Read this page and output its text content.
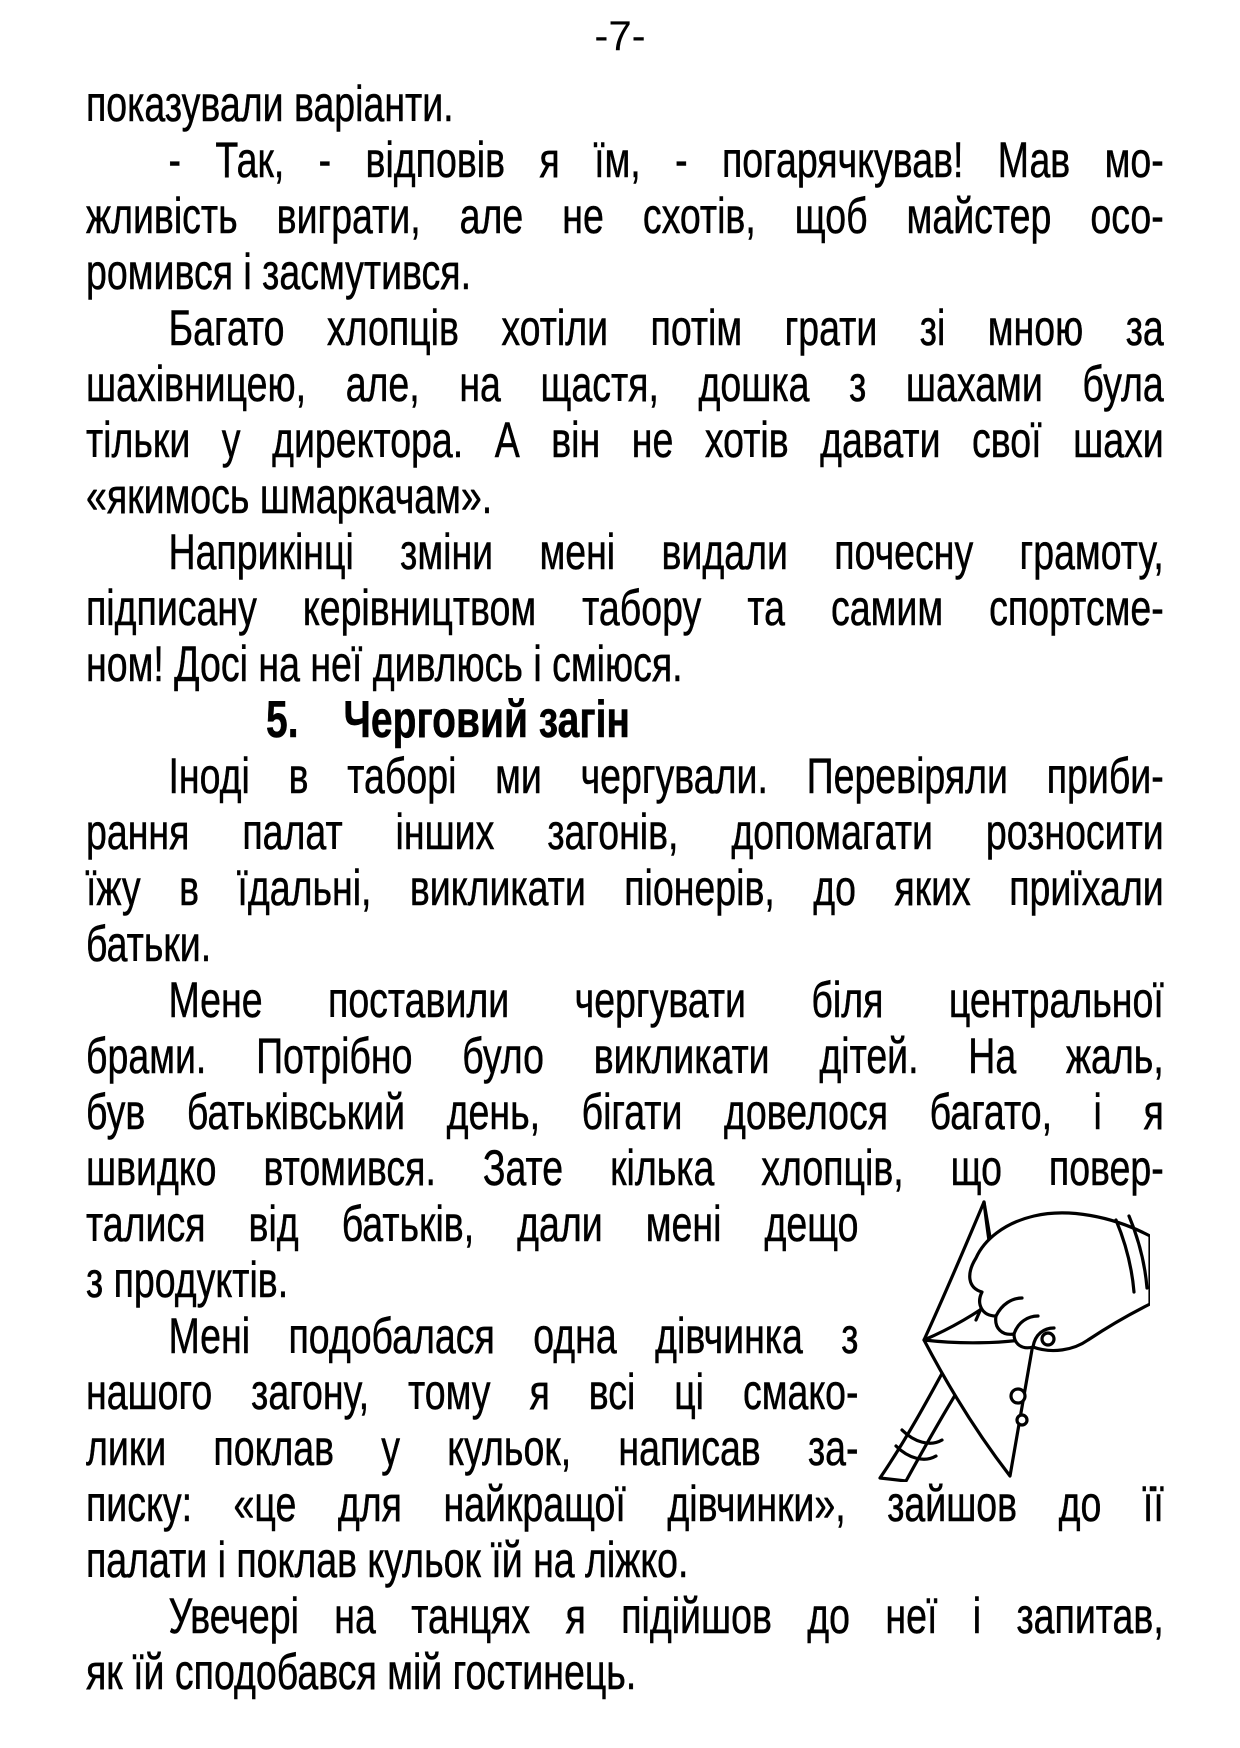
-7-
показували варіанти.
- Так, - відповів я їм, - погарячкував! Мав мо-
жливість виграти, але не схотів, щоб майстер осо-
ромився і засмутився.
Багато хлопців хотіли потім грати зі мною за
шахівницею, але, на щастя, дошка з шахами була
тільки у директора. А він не хотів давати свої шахи
«якимось шмаркачам».
Наприкінці зміни мені видали почесну грамоту,
підписану керівництвом табору та самим спортсме-
ном! Досі на неї дивлюсь і сміюся.
5. Черговий загін
Іноді в таборі ми чергували. Перевіряли приби-
рання палат інших загонів, допомагати розносити
їжу в їдальні, викликати піонерів, до яких приїхали
батьки.
Мене поставили чергувати біля центральної
брами. Потрібно було викликати дітей. На жаль,
був батьківський день, бігати довелося багато, і я
швидко втомився. Зате кілька хлопців, що повер-
талися від батьків, дали мені дещо
з продуктів.
Мені подобалася одна дівчинка з
нашого загону, тому я всі ці смако-
лики поклав у кульок, написав за-
писку: «це для найкращої дівчинки», зайшов до її
палати і поклав кульок їй на ліжко.
Увечері на танцях я підійшов до неї і запитав,
як їй сподобався мій гостинець.
